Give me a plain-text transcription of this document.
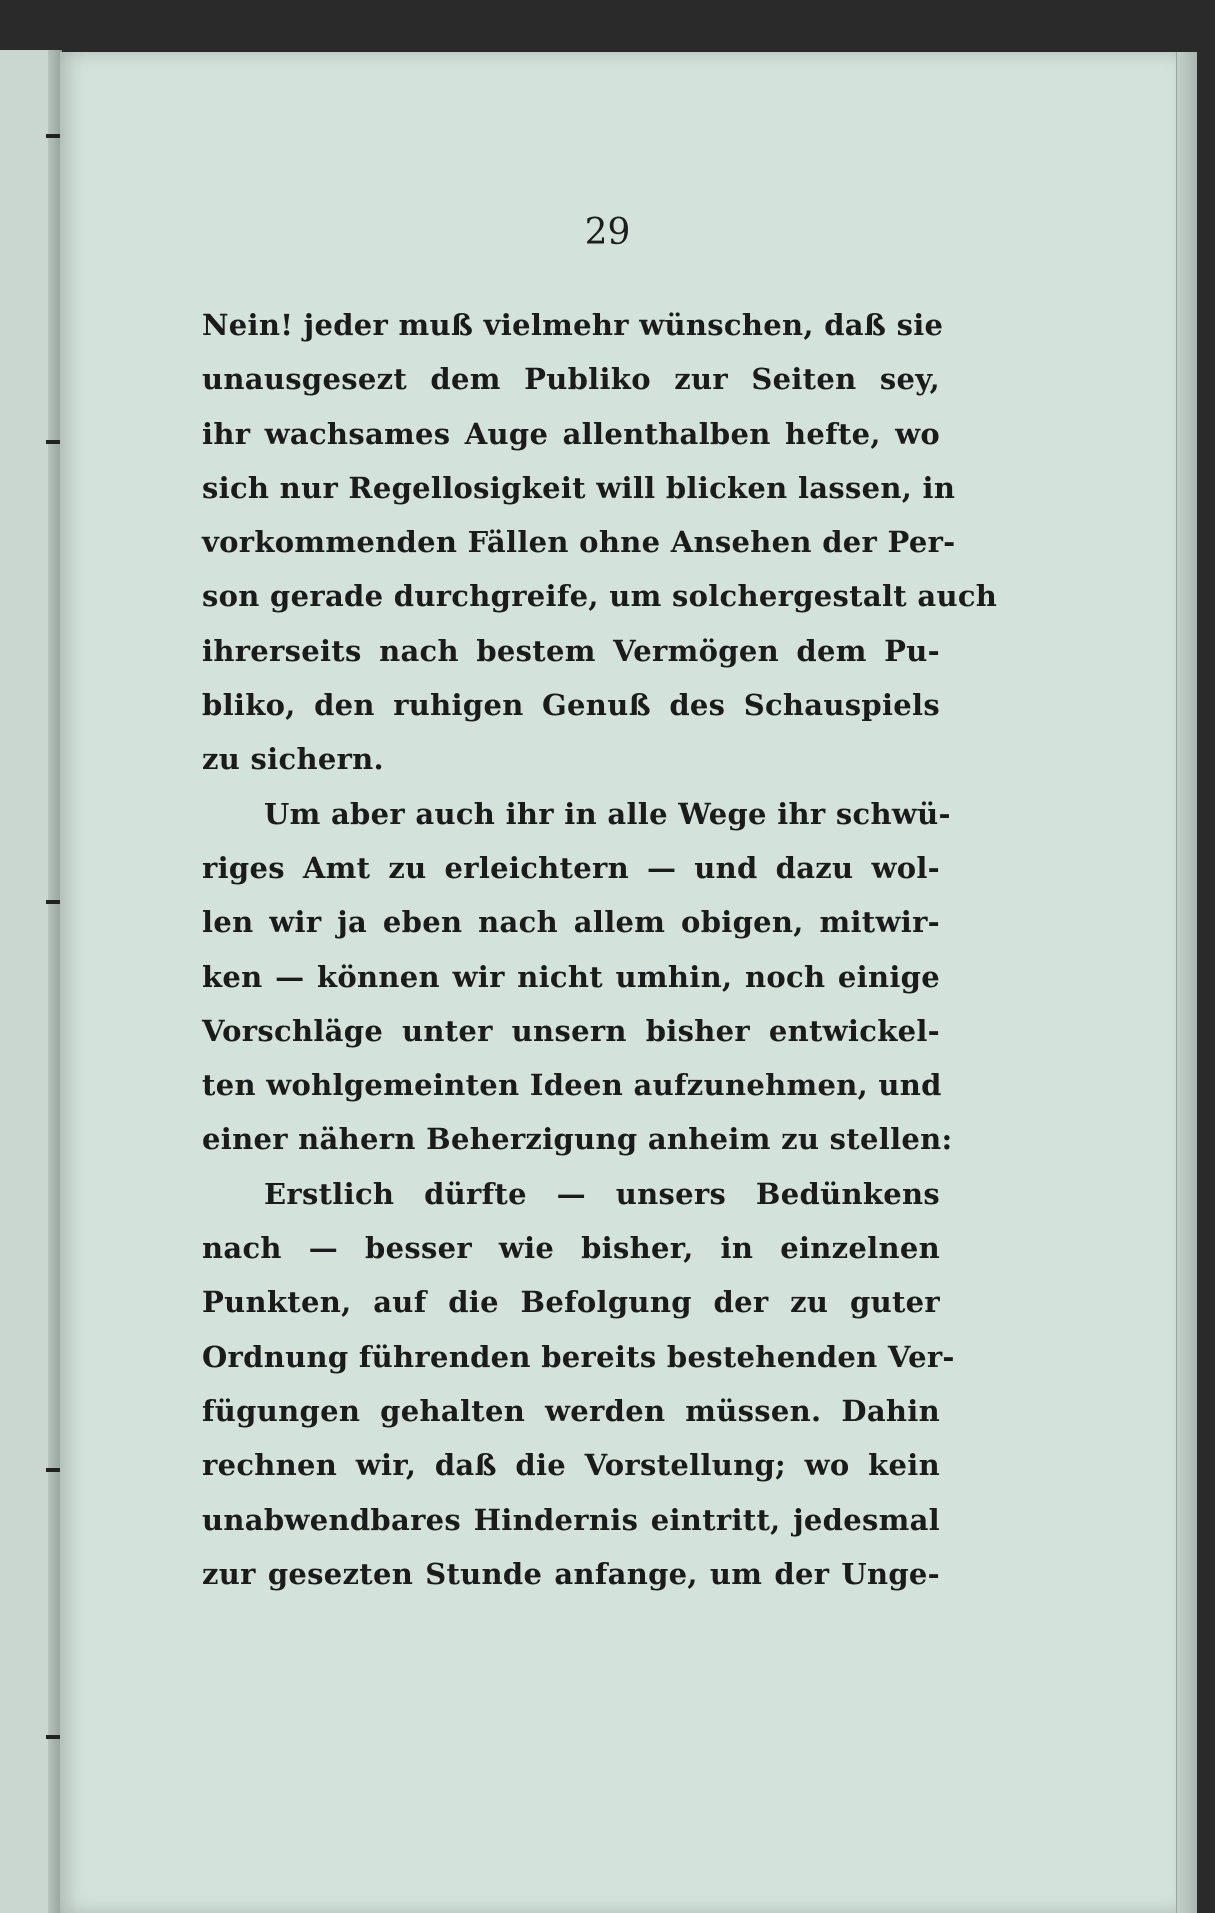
29
Nein! jeder muß vielmehr wünschen, daß sie
unausgesezt dem Publiko zur Seiten sey,
ihr wachsames Auge allenthalben hefte, wo
sich nur Regellosigkeit will blicken lassen, in
vorkommenden Fällen ohne Ansehen der Per-
son gerade durchgreife, um solchergestalt auch
ihrerseits nach bestem Vermögen dem Pu-
bliko, den ruhigen Genuß des Schauspiels
zu sichern.
Um aber auch ihr in alle Wege ihr schwü-
riges Amt zu erleichtern — und dazu wol-
len wir ja eben nach allem obigen, mitwir-
ken — können wir nicht umhin, noch einige
Vorschläge unter unsern bisher entwickel-
ten wohlgemeinten Ideen aufzunehmen, und
einer nähern Beherzigung anheim zu stellen:
Erstlich dürfte — unsers Bedünkens
nach — besser wie bisher, in einzelnen
Punkten, auf die Befolgung der zu guter
Ordnung führenden bereits bestehenden Ver-
fügungen gehalten werden müssen. Dahin
rechnen wir, daß die Vorstellung; wo kein
unabwendbares Hindernis eintritt, jedesmal
zur gesezten Stunde anfange, um der Unge-
